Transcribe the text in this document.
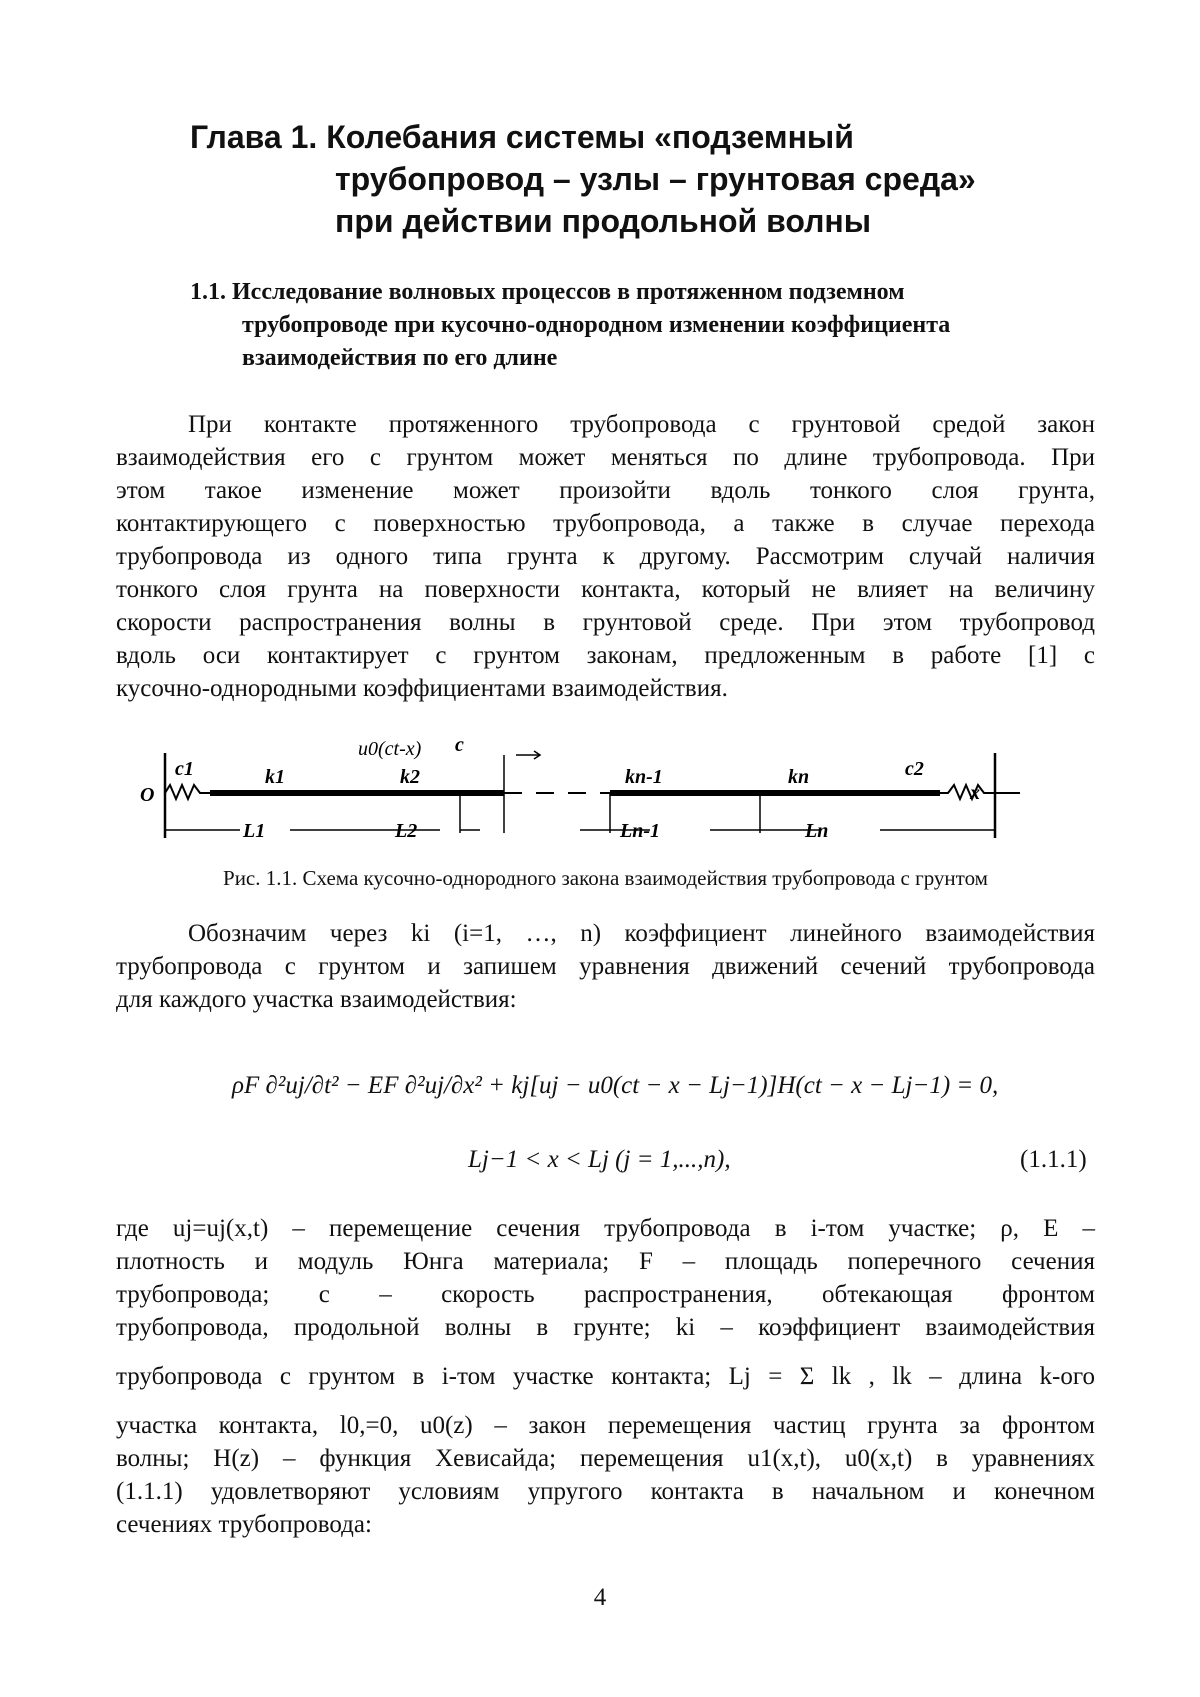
Глава 1. Колебания системы «подземный
трубопровод – узлы – грунтовая среда»
при действии продольной волны
1.1. Исследование волновых процессов в протяженном подземном
трубопроводе при кусочно-однородном изменении коэффициента
взаимодействия по его длине
При контакте протяженного трубопровода с грунтовой средой закон
взаимодействия его с грунтом может меняться по длине трубопровода. При
этом такое изменение может произойти вдоль тонкого слоя грунта,
контактирующего с поверхностью трубопровода, а также в случае перехода
трубопровода из одного типа грунта к другому. Рассмотрим случай наличия
тонкого слоя грунта на поверхности контакта, который не влияет на величину
скорости распространения волны в грунтовой среде. При этом трубопровод
вдоль оси контактирует с грунтом законам, предложенным в работе [1] с
кусочно-однородными коэффициентами взаимодействия.
O
c1	k1	k2
u0(ct-x) c
kn-1	kn	c2
x
L1	L2	Ln-1	Ln
Рис. 1.1. Схема кусочно-однородного закона взаимодействия трубопровода с грунтом
Обозначим через ki (i=1, …, n) коэффициент линейного взаимодействия
трубопровода с грунтом и запишем уравнения движений сечений трубопровода
для каждого участка взаимодействия:
ρF ∂²uj/∂t² − EF ∂²uj/∂x² + kj[uj − u0(ct − x − Lj−1)]H(ct − x − Lj−1) = 0,
Lj−1 < x < Lj (j = 1,...,n),	(1.1.1)
где uj=uj(x,t) – перемещение сечения трубопровода в i-том участке; ρ, E –
плотность и модуль Юнга материала; F – площадь поперечного сечения
трубопровода; c – скорость распространения, обтекающая фронтом
трубопровода, продольной волны в грунте; ki – коэффициент взаимодействия
трубопровода с грунтом в i-том участке контакта; Lj = Σ lk , lk – длина k-ого
участка контакта, l0,=0, u0(z) – закон перемещения частиц грунта за фронтом
волны; H(z) – функция Хевисайда; перемещения u1(x,t), u0(x,t) в уравнениях
(1.1.1) удовлетворяют условиям упругого контакта в начальном и конечном
сечениях трубопровода:
4
